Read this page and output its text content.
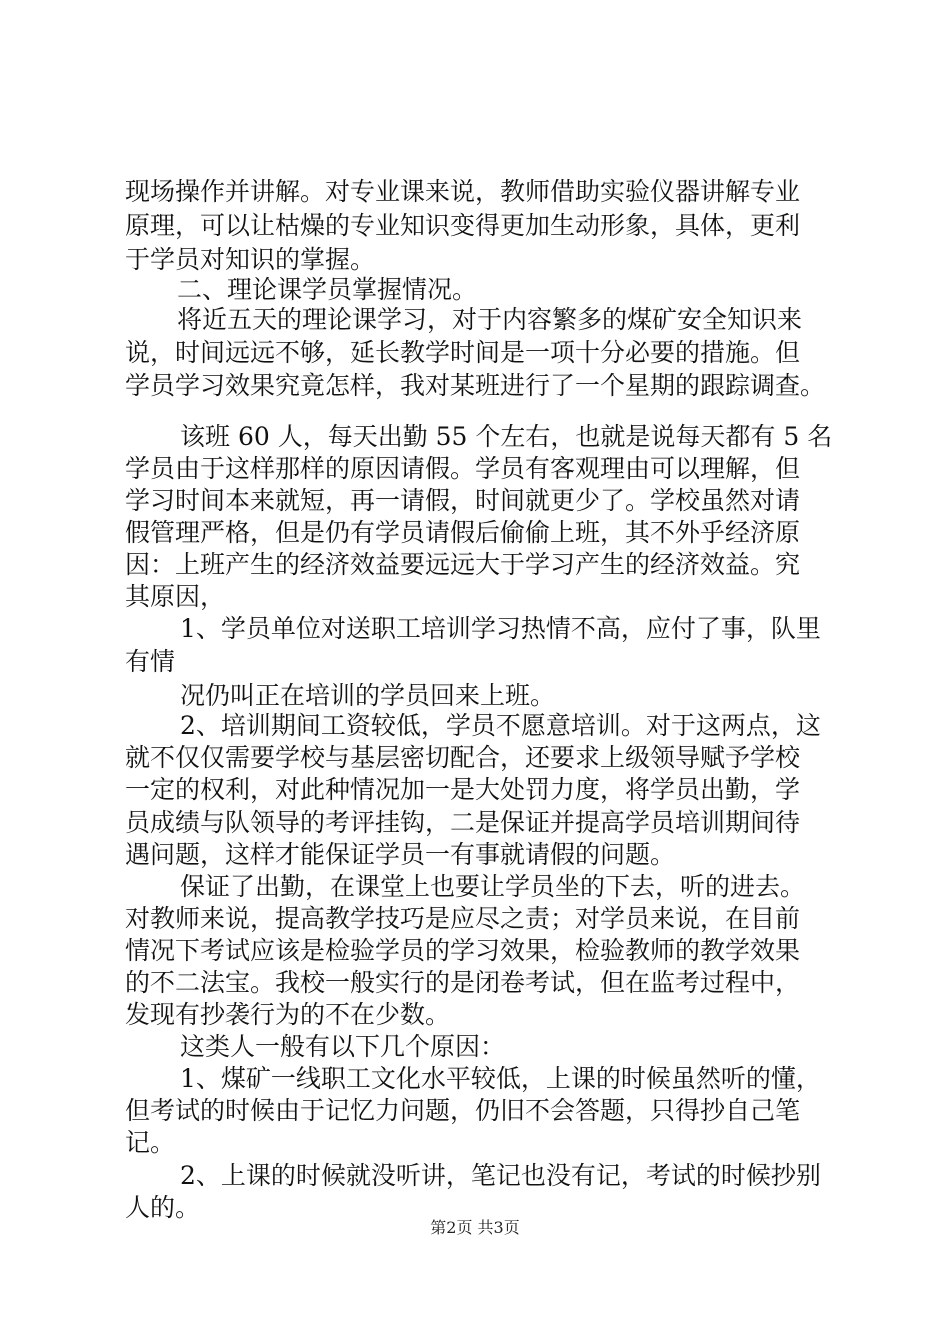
现场操作并讲解。对专业课来说，教师借助实验仪器讲解专业
原理，可以让枯燥的专业知识变得更加生动形象，具体，更利
于学员对知识的掌握。
二、理论课学员掌握情况。
将近五天的理论课学习，对于内容繁多的煤矿安全知识来
说，时间远远不够，延长教学时间是一项十分必要的措施。但
学员学习效果究竟怎样，我对某班进行了一个星期的跟踪调查。
该班 60 人，每天出勤 55 个左右，也就是说每天都有 5 名
学员由于这样那样的原因请假。学员有客观理由可以理解，但
学习时间本来就短，再一请假，时间就更少了。学校虽然对请
假管理严格，但是仍有学员请假后偷偷上班，其不外乎经济原
因：上班产生的经济效益要远远大于学习产生的经济效益。究
其原因，
1、学员单位对送职工培训学习热情不高，应付了事，队里
有情
况仍叫正在培训的学员回来上班。
2、培训期间工资较低，学员不愿意培训。对于这两点，这
就不仅仅需要学校与基层密切配合，还要求上级领导赋予学校
一定的权利，对此种情况加一是大处罚力度，将学员出勤，学
员成绩与队领导的考评挂钩，二是保证并提高学员培训期间待
遇问题，这样才能保证学员一有事就请假的问题。
保证了出勤，在课堂上也要让学员坐的下去，听的进去。
对教师来说，提高教学技巧是应尽之责；对学员来说，在目前
情况下考试应该是检验学员的学习效果，检验教师的教学效果
的不二法宝。我校一般实行的是闭卷考试，但在监考过程中，
发现有抄袭行为的不在少数。
这类人一般有以下几个原因：
1、煤矿一线职工文化水平较低，上课的时候虽然听的懂，
但考试的时候由于记忆力问题，仍旧不会答题，只得抄自己笔
记。
2、上课的时候就没听讲，笔记也没有记，考试的时候抄别
人的。
第2页 共3页
